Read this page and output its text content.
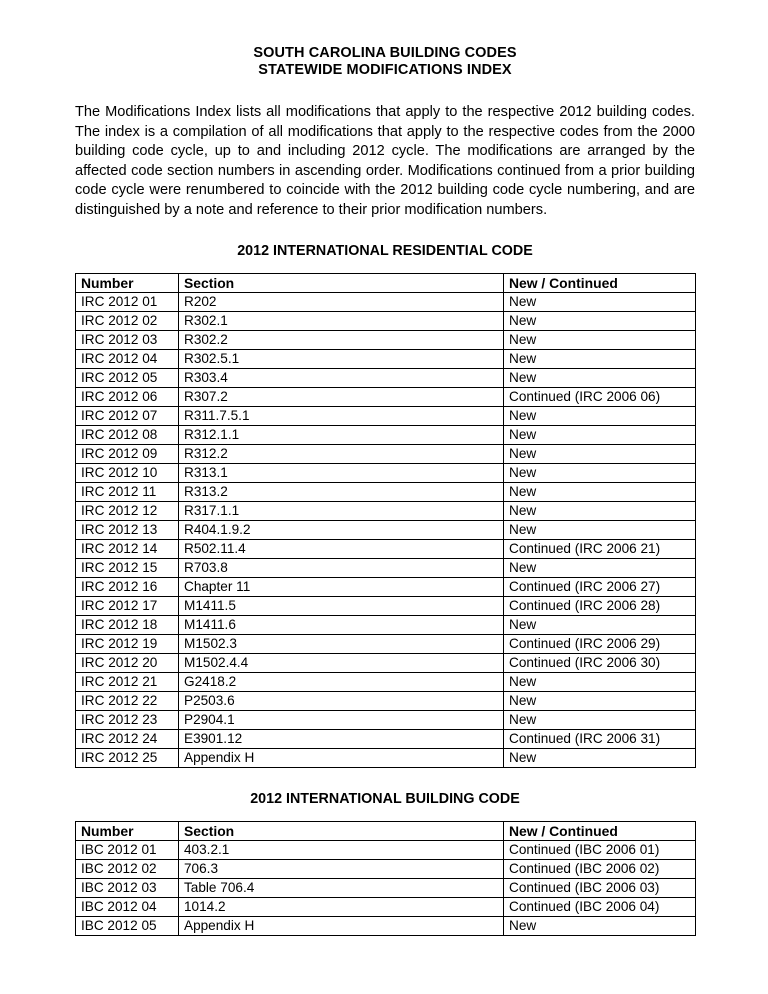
SOUTH CAROLINA BUILDING CODES
STATEWIDE MODIFICATIONS INDEX

The Modifications Index lists all modifications that apply to the respective 2012 building codes. The index is a compilation of all modifications that apply to the respective codes from the 2000 building code cycle, up to and including 2012 cycle. The modifications are arranged by the affected code section numbers in ascending order. Modifications continued from a prior building code cycle were renumbered to coincide with the 2012 building code cycle numbering, and are distinguished by a note and reference to their prior modification numbers.

2012 INTERNATIONAL RESIDENTIAL CODE
Number	Section	New / Continued
IRC 2012 01	R202	New
IRC 2012 02	R302.1	New
IRC 2012 03	R302.2	New
IRC 2012 04	R302.5.1	New
IRC 2012 05	R303.4	New
IRC 2012 06	R307.2	Continued (IRC 2006 06)
IRC 2012 07	R311.7.5.1	New
IRC 2012 08	R312.1.1	New
IRC 2012 09	R312.2	New
IRC 2012 10	R313.1	New
IRC 2012 11	R313.2	New
IRC 2012 12	R317.1.1	New
IRC 2012 13	R404.1.9.2	New
IRC 2012 14	R502.11.4	Continued (IRC 2006 21)
IRC 2012 15	R703.8	New
IRC 2012 16	Chapter 11	Continued (IRC 2006 27)
IRC 2012 17	M1411.5	Continued (IRC 2006 28)
IRC 2012 18	M1411.6	New
IRC 2012 19	M1502.3	Continued (IRC 2006 29)
IRC 2012 20	M1502.4.4	Continued (IRC 2006 30)
IRC 2012 21	G2418.2	New
IRC 2012 22	P2503.6	New
IRC 2012 23	P2904.1	New
IRC 2012 24	E3901.12	Continued (IRC 2006 31)
IRC 2012 25	Appendix H	New
2012 INTERNATIONAL BUILDING CODE
Number	Section	New / Continued
IBC 2012 01	403.2.1	Continued (IBC 2006 01)
IBC 2012 02	706.3	Continued (IBC 2006 02)
IBC 2012 03	Table 706.4	Continued (IBC 2006 03)
IBC 2012 04	1014.2	Continued (IBC 2006 04)
IBC 2012 05	Appendix H	New
